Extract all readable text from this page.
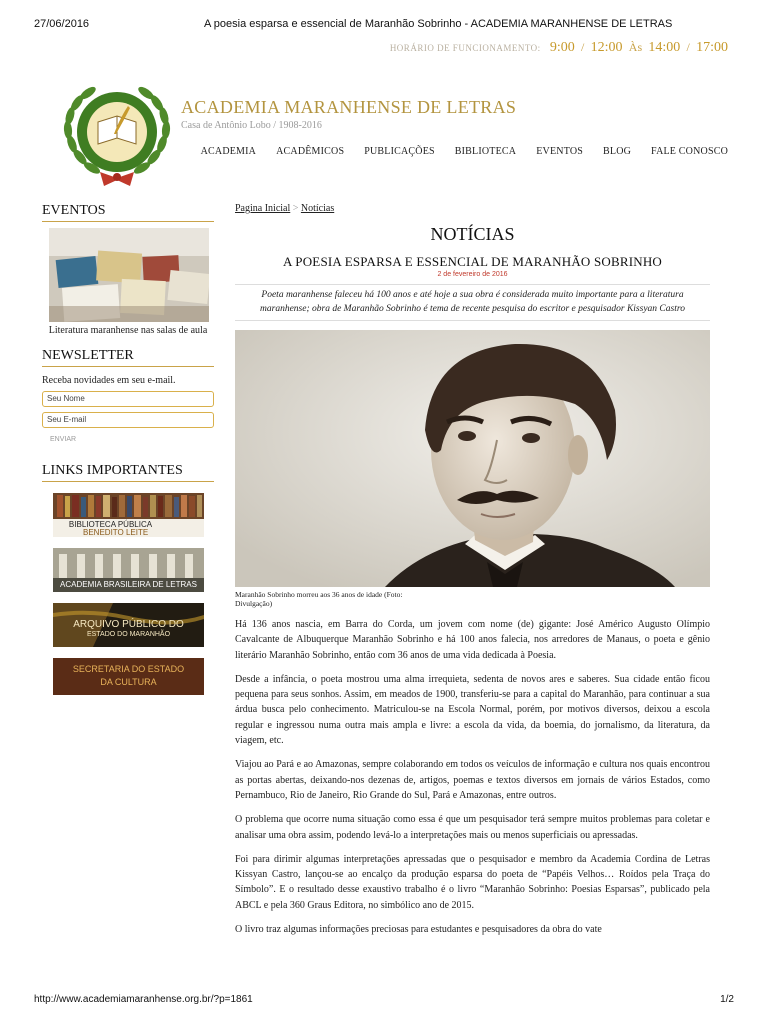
27/06/2016	A poesia esparsa e essencial de Maranhão Sobrinho - ACADEMIA MARANHENSE DE LETRAS
HORÁRIO DE FUNCIONAMENTO: 9:00 / 12:00 Às 14:00 / 17:00
ACADEMIA MARANHENSE DE LETRAS
Casa de Antônio Lobo / 1908-2016
ACADEMIA ACADÊMICOS PUBLICAÇÕES BIBLIOTECA EVENTOS BLOG FALE CONOSCO
EVENTOS
Literatura maranhense nas salas de aula
NEWSLETTER
Receba novidades em seu e-mail.
Seu Nome
Seu E-mail
ENVIAR
LINKS IMPORTANTES
BIBLIOTECA PÚBLICA
BENEDITO LEITE
ACADEMIA BRASILEIRA DE LETRAS
ARQUIVO PÚBLICO DO
ESTADO DO MARANHÃO
SECRETARIA DO ESTADO
DA CULTURA
Pagina Inicial > Notícias
NOTÍCIAS
A POESIA ESPARSA E ESSENCIAL DE MARANHÃO SOBRINHO
2 de fevereiro de 2016
Poeta maranhense faleceu há 100 anos e até hoje a sua obra é considerada muito importante para a literatura maranhense; obra de Maranhão Sobrinho é tema de recente pesquisa do escritor e pesquisador Kissyan Castro
Maranhão Sobrinho morreu aos 36 anos de idade (Foto: Divulgação)

Há 136 anos nascia, em Barra do Corda, um jovem com nome (de) gigante: José Américo Augusto Olímpio Cavalcante de Albuquerque Maranhão Sobrinho e há 100 anos falecia, nos arredores de Manaus, o poeta e gênio literário Maranhão Sobrinho, então com 36 anos de uma vida dedicada à Poesia.

Desde a infância, o poeta mostrou uma alma irrequieta, sedenta de novos ares e saberes. Sua cidade então ficou pequena para seus sonhos. Assim, em meados de 1900, transferiu-se para a capital do Maranhão, para continuar a sua árdua busca pelo conhecimento. Matriculou-se na Escola Normal, porém, por motivos diversos, deixou a escola regular e ingressou numa outra mais ampla e livre: a escola da vida, da boemia, do jornalismo, da literatura, da viagem, etc.

Viajou ao Pará e ao Amazonas, sempre colaborando em todos os veículos de informação e cultura nos quais encontrou as portas abertas, deixando-nos dezenas de, artigos, poemas e textos diversos em jornais de vários Estados, como Pernambuco, Rio de Janeiro, Rio Grande do Sul, Pará e Amazonas, entre outros.

O problema que ocorre numa situação como essa é que um pesquisador terá sempre muitos problemas para coletar e analisar uma obra assim, podendo levá-lo a interpretações mais ou menos superficiais ou apressadas.

Foi para dirimir algumas interpretações apressadas que o pesquisador e membro da Academia Cordina de Letras Kissyan Castro, lançou-se ao encalço da produção esparsa do poeta de “Papéis Velhos… Roídos pela Traça do Símbolo”. E o resultado desse exaustivo trabalho é o livro “Maranhão Sobrinho: Poesias Esparsas”, publicado pela ABCL e pela 360 Graus Editora, no simbólico ano de 2015.

O livro traz algumas informações preciosas para estudantes e pesquisadores da obra do vate

http://www.academiamaranhense.org.br/?p=1861	1/2
